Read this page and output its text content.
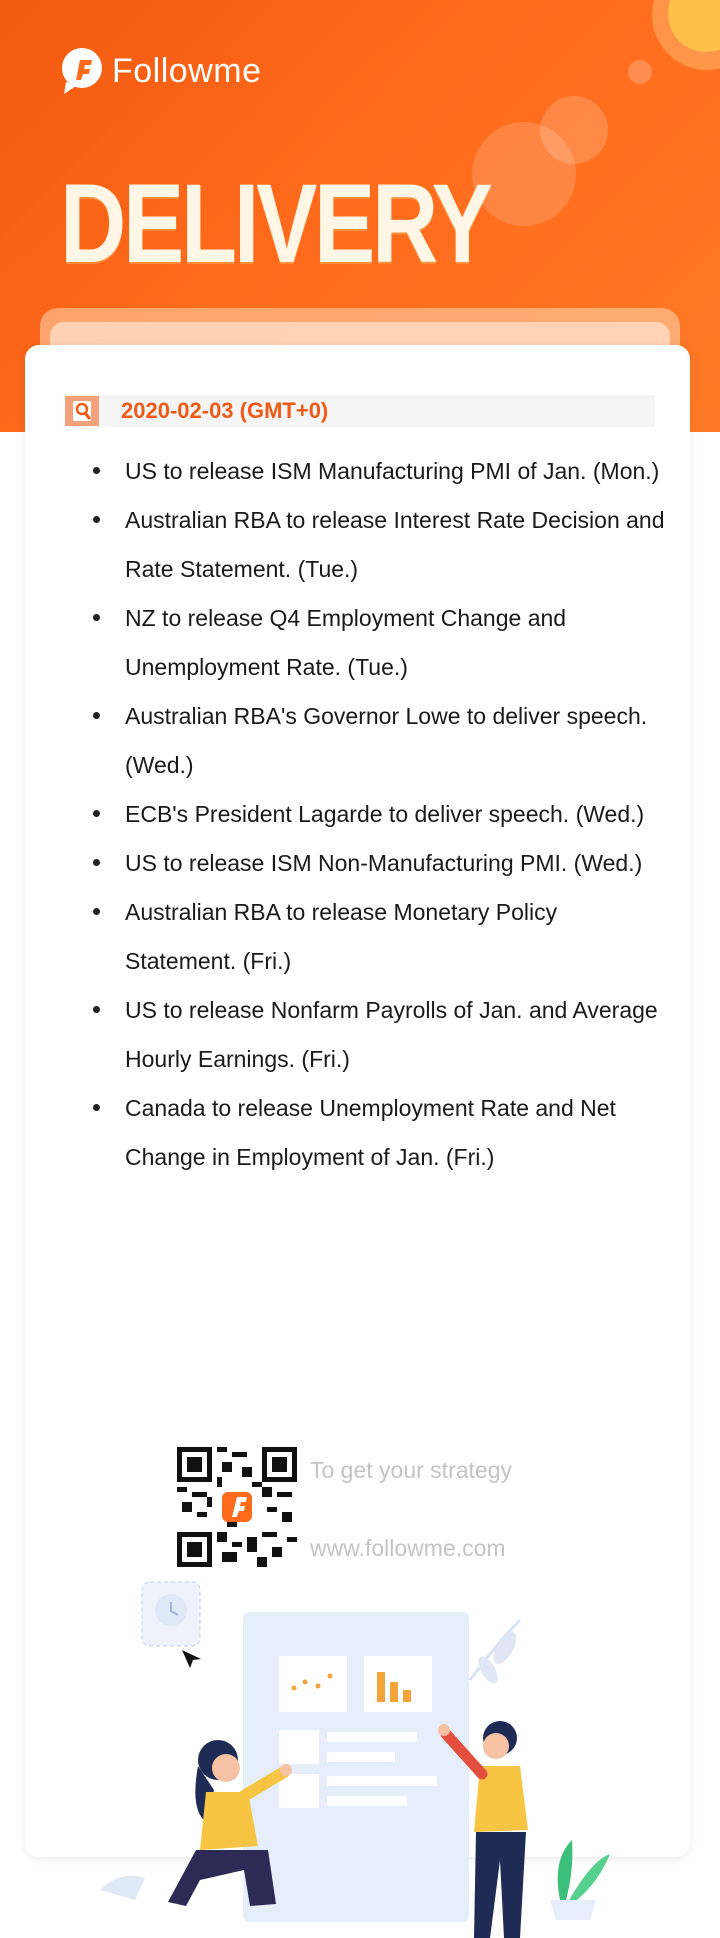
Followme
DELIVERY
2020-02-03 (GMT+0)
US to release ISM Manufacturing PMI of Jan. (Mon.)
Australian RBA to release Interest Rate Decision and Rate Statement. (Tue.)
NZ to release Q4 Employment Change and Unemployment Rate. (Tue.)
Australian RBA's Governor Lowe to deliver speech. (Wed.)
ECB's President Lagarde to deliver speech. (Wed.)
US to release ISM Non-Manufacturing PMI. (Wed.)
Australian RBA to release Monetary Policy Statement. (Fri.)
US to release Nonfarm Payrolls of Jan. and Average Hourly Earnings. (Fri.)
Canada to release Unemployment Rate and Net Change in Employment of Jan. (Fri.)
To get your strategy
www.followme.com
